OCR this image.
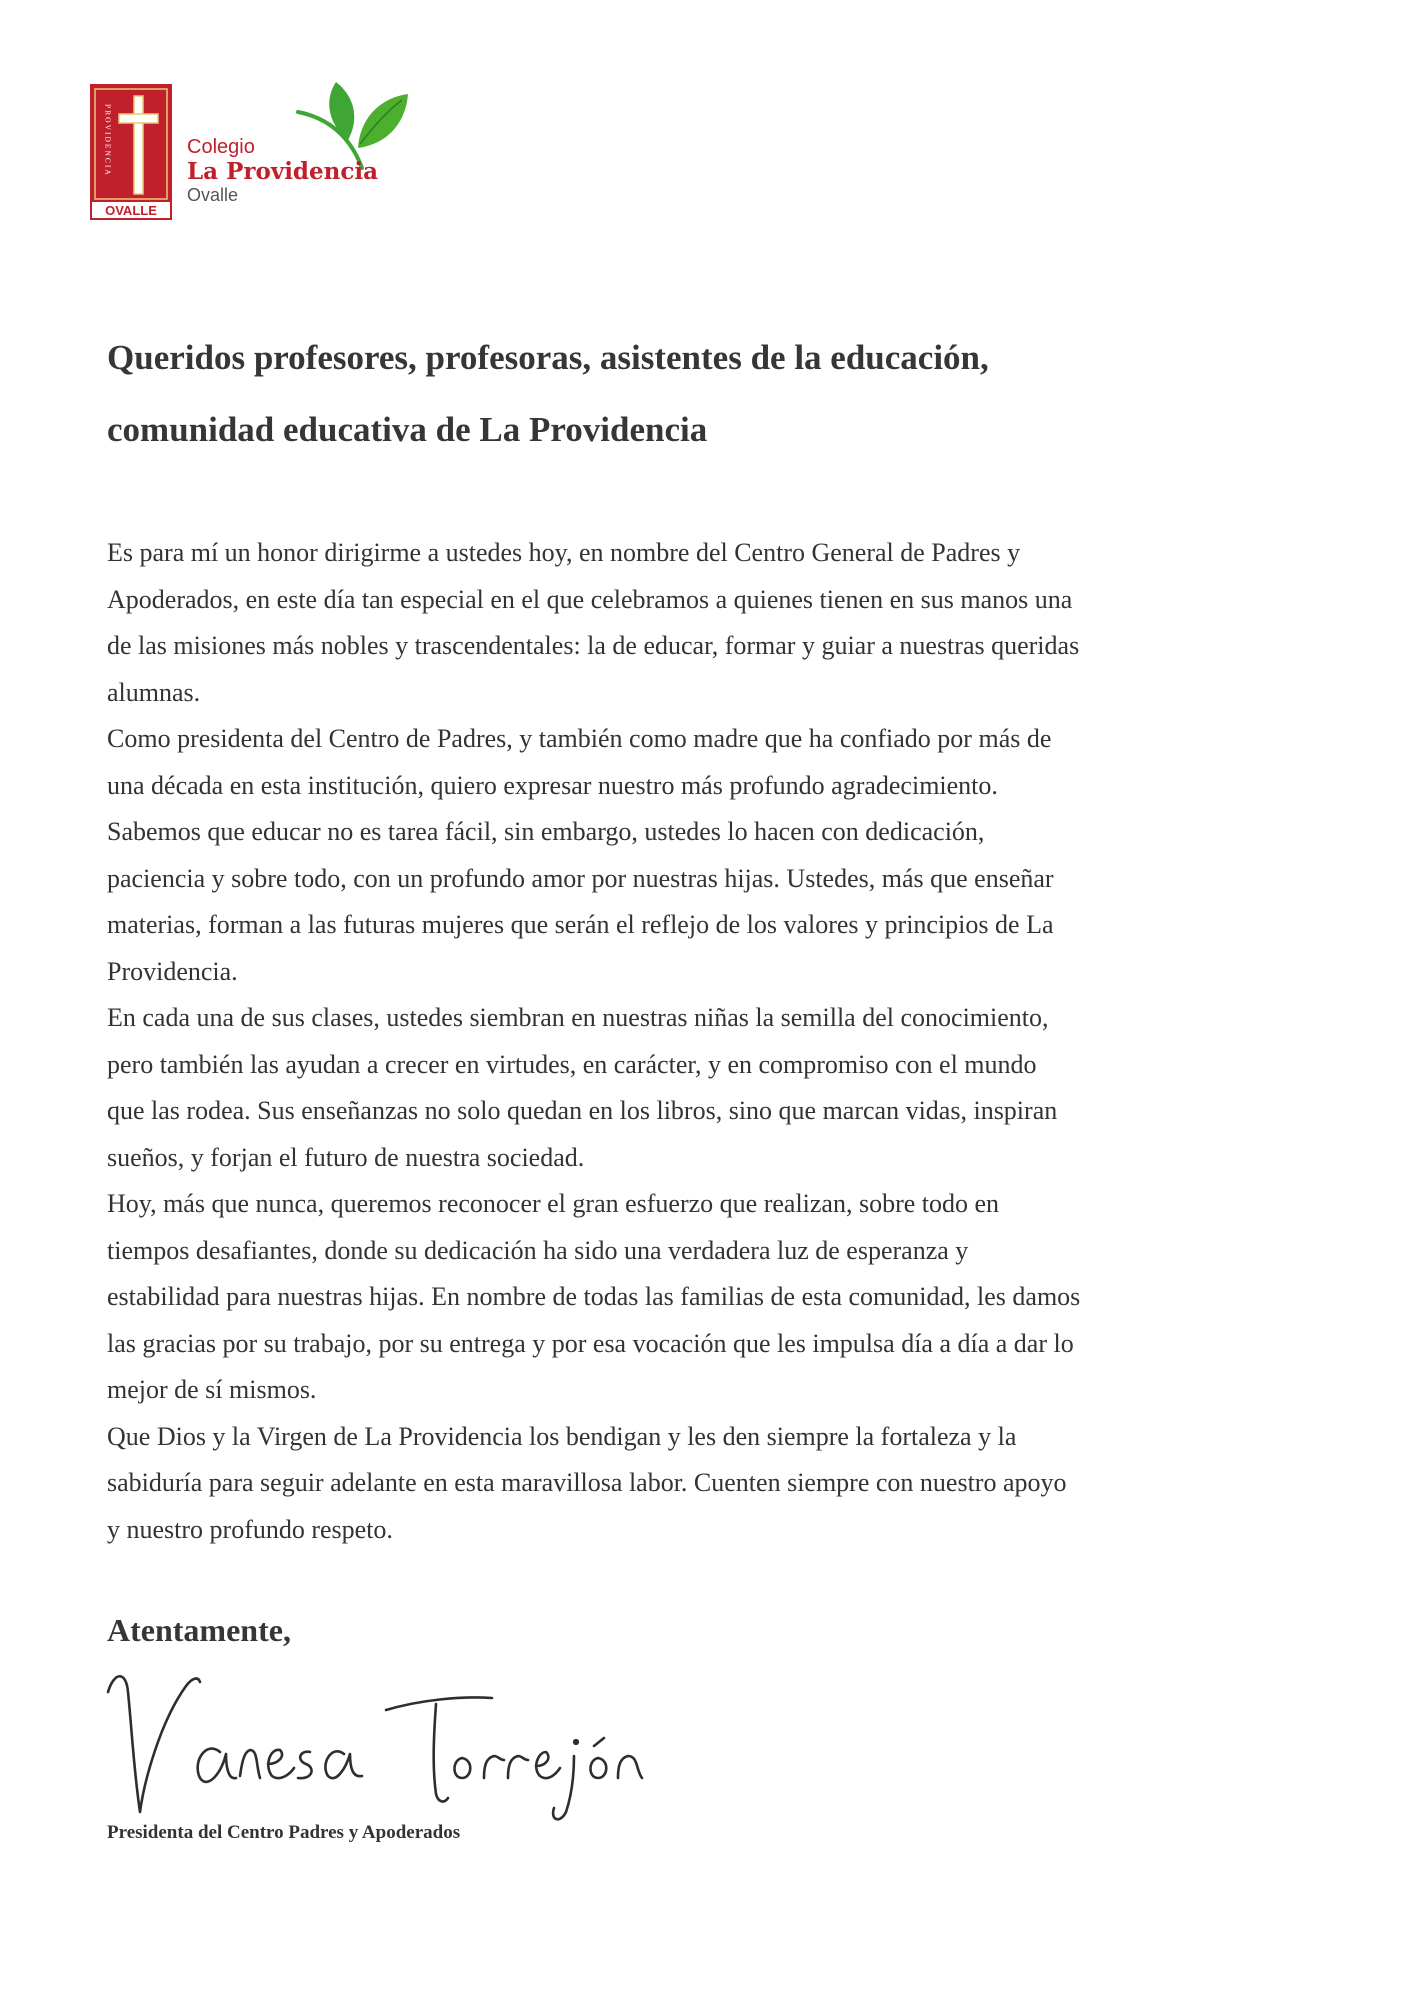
PROVIDENCIA
OVALLE
Colegio
La Providencia
Ovalle
Queridos profesores, profesoras, asistentes de la educación,
comunidad educativa de La Providencia
Es para mí un honor dirigirme a ustedes hoy, en nombre del Centro General de Padres y
Apoderados, en este día tan especial en el que celebramos a quienes tienen en sus manos una
de las misiones más nobles y trascendentales: la de educar, formar y guiar a nuestras queridas
alumnas.
Como presidenta del Centro de Padres, y también como madre que ha confiado por más de
una década en esta institución, quiero expresar nuestro más profundo agradecimiento.
Sabemos que educar no es tarea fácil, sin embargo, ustedes lo hacen con dedicación,
paciencia y sobre todo, con un profundo amor por nuestras hijas. Ustedes, más que enseñar
materias, forman a las futuras mujeres que serán el reflejo de los valores y principios de La
Providencia.
En cada una de sus clases, ustedes siembran en nuestras niñas la semilla del conocimiento,
pero también las ayudan a crecer en virtudes, en carácter, y en compromiso con el mundo
que las rodea. Sus enseñanzas no solo quedan en los libros, sino que marcan vidas, inspiran
sueños, y forjan el futuro de nuestra sociedad.
Hoy, más que nunca, queremos reconocer el gran esfuerzo que realizan, sobre todo en
tiempos desafiantes, donde su dedicación ha sido una verdadera luz de esperanza y
estabilidad para nuestras hijas. En nombre de todas las familias de esta comunidad, les damos
las gracias por su trabajo, por su entrega y por esa vocación que les impulsa día a día a dar lo
mejor de sí mismos.
Que Dios y la Virgen de La Providencia los bendigan y les den siempre la fortaleza y la
sabiduría para seguir adelante en esta maravillosa labor. Cuenten siempre con nuestro apoyo
y nuestro profundo respeto.

Atentamente,

Presidenta del Centro Padres y Apoderados
